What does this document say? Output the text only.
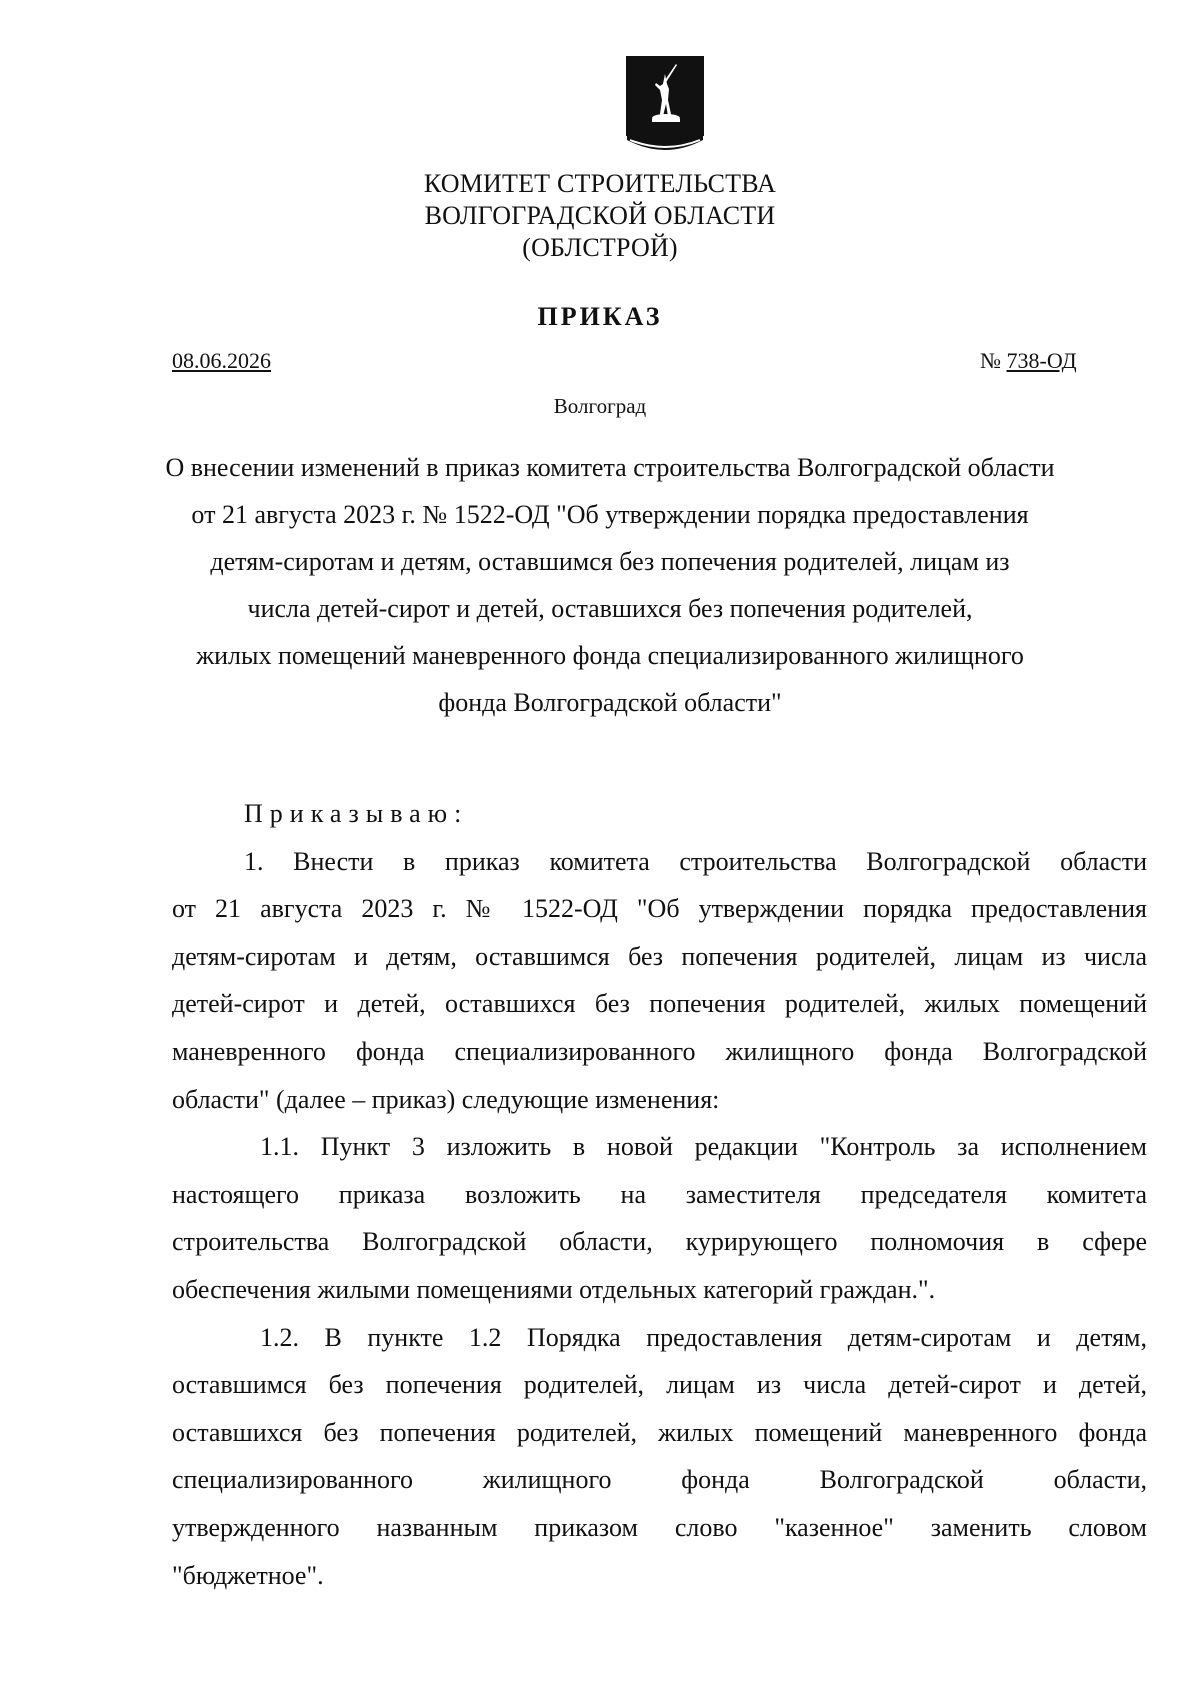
КОМИТЕТ СТРОИТЕЛЬСТВА
ВОЛГОГРАДСКОЙ ОБЛАСТИ
(ОБЛСТРОЙ)
ПРИКАЗ
08.06.2026	№ 738-ОД
Волгоград
О внесении изменений в приказ комитета строительства Волгоградской области
от 21 августа 2023 г. № 1522-ОД "Об утверждении порядка предоставления
детям-сиротам и детям, оставшимся без попечения родителей, лицам из
числа детей-сирот и детей, оставшихся без попечения родителей,
жилых помещений маневренного фонда специализированного жилищного
фонда Волгоградской области"
Приказываю:
1. Внести в приказ комитета строительства Волгоградской области
от 21 августа 2023 г. № 1522-ОД "Об утверждении порядка предоставления
детям-сиротам и детям, оставшимся без попечения родителей, лицам из числа
детей-сирот и детей, оставшихся без попечения родителей, жилых помещений
маневренного фонда специализированного жилищного фонда Волгоградской
области" (далее – приказ) следующие изменения:
1.1. Пункт 3 изложить в новой редакции "Контроль за исполнением
настоящего приказа возложить на заместителя председателя комитета
строительства Волгоградской области, курирующего полномочия в сфере
обеспечения жилыми помещениями отдельных категорий граждан.".
1.2. В пункте 1.2 Порядка предоставления детям-сиротам и детям,
оставшимся без попечения родителей, лицам из числа детей-сирот и детей,
оставшихся без попечения родителей, жилых помещений маневренного фонда
специализированного жилищного фонда Волгоградской области,
утвержденного названным приказом слово "казенное" заменить словом
"бюджетное".
